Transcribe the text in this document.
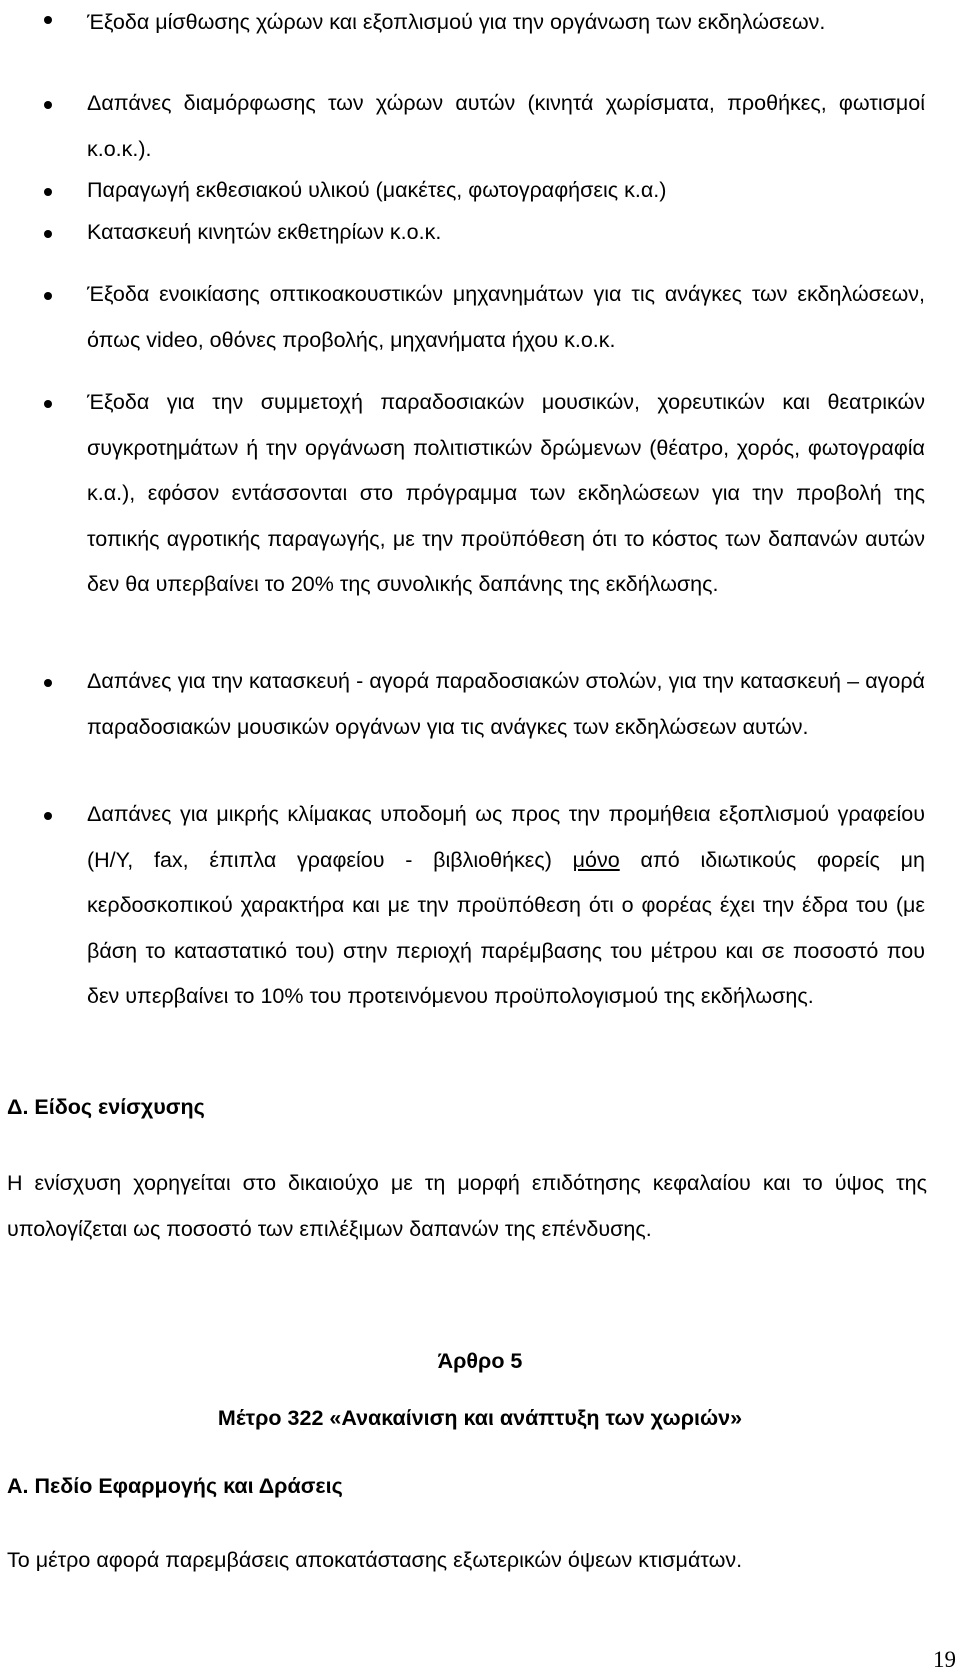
Έξοδα μίσθωσης χώρων και εξοπλισμού για την οργάνωση των εκδηλώσεων.
Δαπάνες διαμόρφωσης των χώρων αυτών (κινητά χωρίσματα, προθήκες, φωτισμοί κ.ο.κ.).
Παραγωγή εκθεσιακού υλικού (μακέτες, φωτογραφήσεις κ.α.)
Κατασκευή κινητών εκθετηρίων κ.ο.κ.
Έξοδα ενοικίασης οπτικοακουστικών μηχανημάτων για τις ανάγκες των εκδηλώσεων, όπως video, οθόνες προβολής, μηχανήματα ήχου κ.ο.κ.
Έξοδα για την συμμετοχή παραδοσιακών μουσικών, χορευτικών και θεατρικών συγκροτημάτων ή την οργάνωση πολιτιστικών δρώμενων (θέατρο, χορός, φωτογραφία κ.α.), εφόσον εντάσσονται στο πρόγραμμα των εκδηλώσεων για την προβολή της τοπικής αγροτικής παραγωγής, με την προϋπόθεση ότι το κόστος των δαπανών αυτών δεν θα υπερβαίνει το 20% της συνολικής δαπάνης της εκδήλωσης.
Δαπάνες για την κατασκευή - αγορά παραδοσιακών στολών, για την κατασκευή – αγορά παραδοσιακών μουσικών οργάνων για τις ανάγκες των εκδηλώσεων αυτών.
Δαπάνες για μικρής κλίμακας υποδομή ως προς την προμήθεια εξοπλισμού γραφείου (Η/Υ, fax, έπιπλα γραφείου - βιβλιοθήκες) μόνο από ιδιωτικούς φορείς μη κερδοσκοπικού χαρακτήρα και με την προϋπόθεση ότι ο φορέας έχει την έδρα του (με βάση το καταστατικό του) στην περιοχή παρέμβασης του μέτρου και σε ποσοστό που δεν υπερβαίνει το 10% του προτεινόμενου προϋπολογισμού της εκδήλωσης.
Δ. Είδος ενίσχυσης
Η ενίσχυση χορηγείται στο δικαιούχο με τη μορφή επιδότησης κεφαλαίου και το ύψος της υπολογίζεται ως ποσοστό των επιλέξιμων δαπανών της επένδυσης.
Άρθρο 5
Μέτρο 322 «Ανακαίνιση και ανάπτυξη των χωριών»
Α. Πεδίο Εφαρμογής και Δράσεις
Το μέτρο αφορά παρεμβάσεις αποκατάστασης εξωτερικών όψεων κτισμάτων.
19
